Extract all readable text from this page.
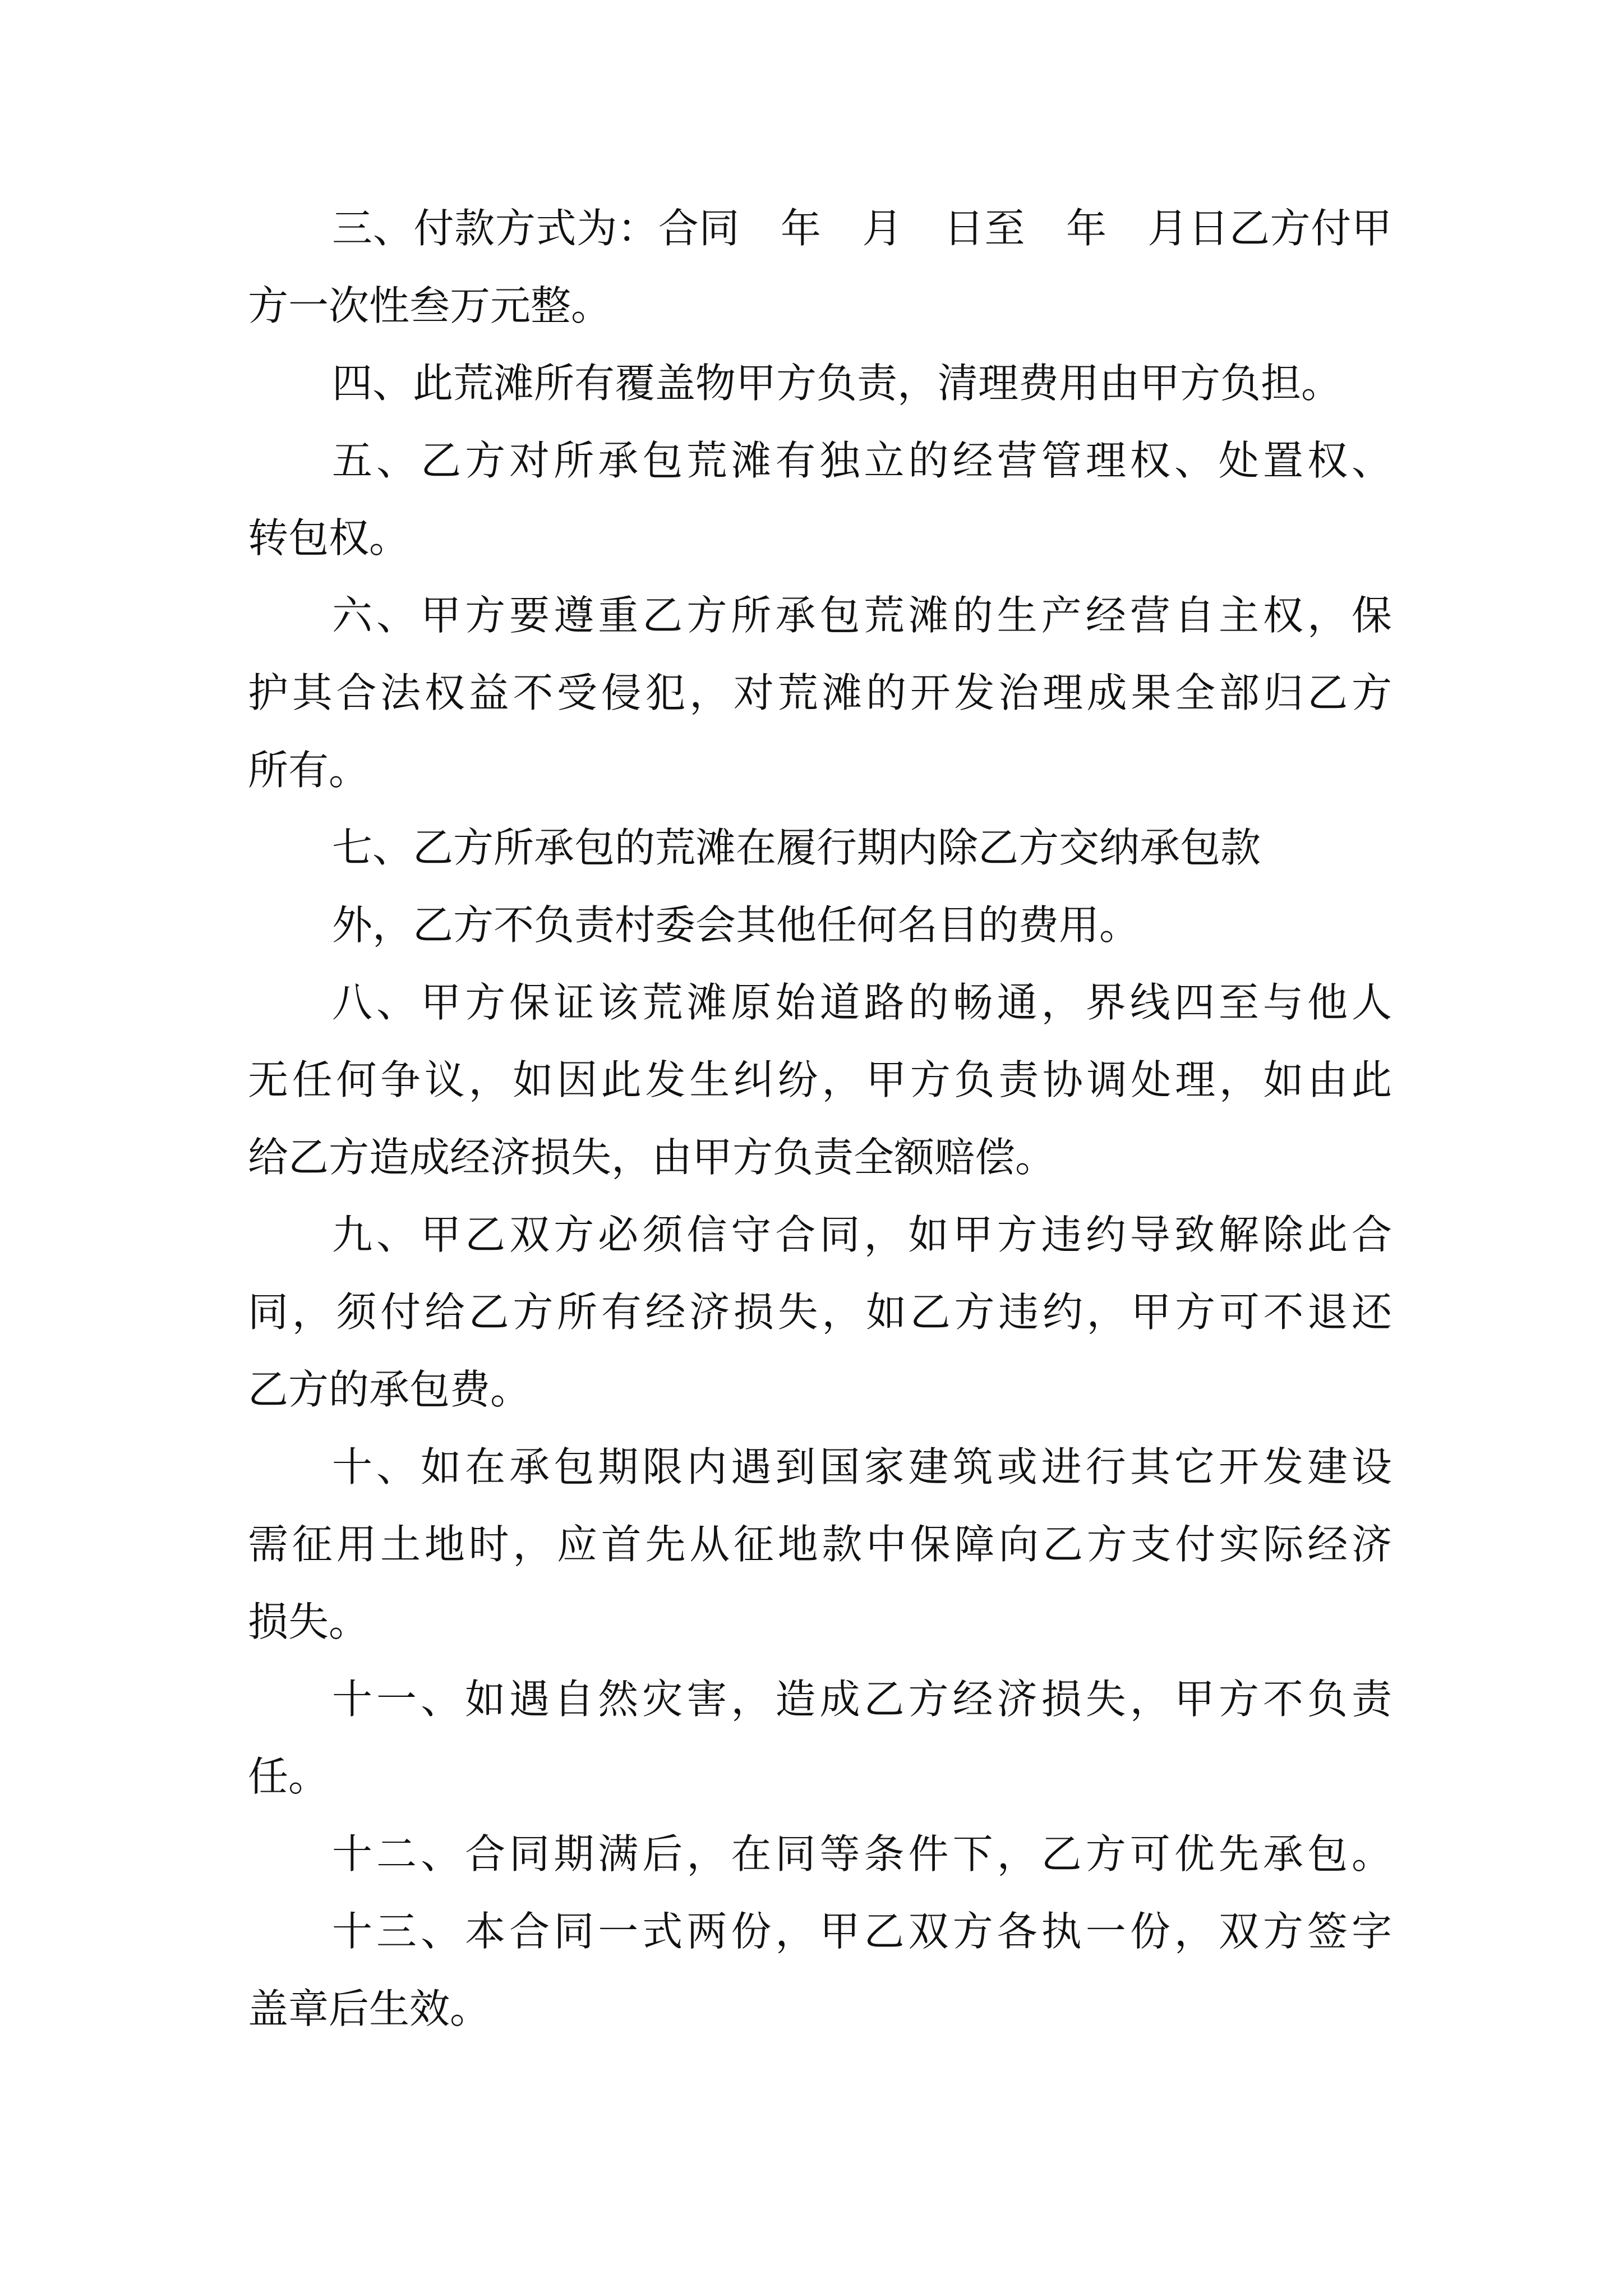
三、付款方式为：合同　年　月　日至　年　月日乙方付甲
方一次性叁万元整。
四、此荒滩所有覆盖物甲方负责，清理费用由甲方负担。
五、乙方对所承包荒滩有独立的经营管理权、处置权、
转包权。
六、甲方要遵重乙方所承包荒滩的生产经营自主权，保
护其合法权益不受侵犯，对荒滩的开发治理成果全部归乙方
所有。
七、乙方所承包的荒滩在履行期内除乙方交纳承包款
外，乙方不负责村委会其他任何名目的费用。
八、甲方保证该荒滩原始道路的畅通，界线四至与他人
无任何争议，如因此发生纠纷，甲方负责协调处理，如由此
给乙方造成经济损失，由甲方负责全额赔偿。
九、甲乙双方必须信守合同，如甲方违约导致解除此合
同，须付给乙方所有经济损失，如乙方违约，甲方可不退还
乙方的承包费。
十、如在承包期限内遇到国家建筑或进行其它开发建设
需征用土地时，应首先从征地款中保障向乙方支付实际经济
损失。
十一、如遇自然灾害，造成乙方经济损失，甲方不负责
任。
十二、合同期满后，在同等条件下，乙方可优先承包。
十三、本合同一式两份，甲乙双方各执一份，双方签字
盖章后生效。
